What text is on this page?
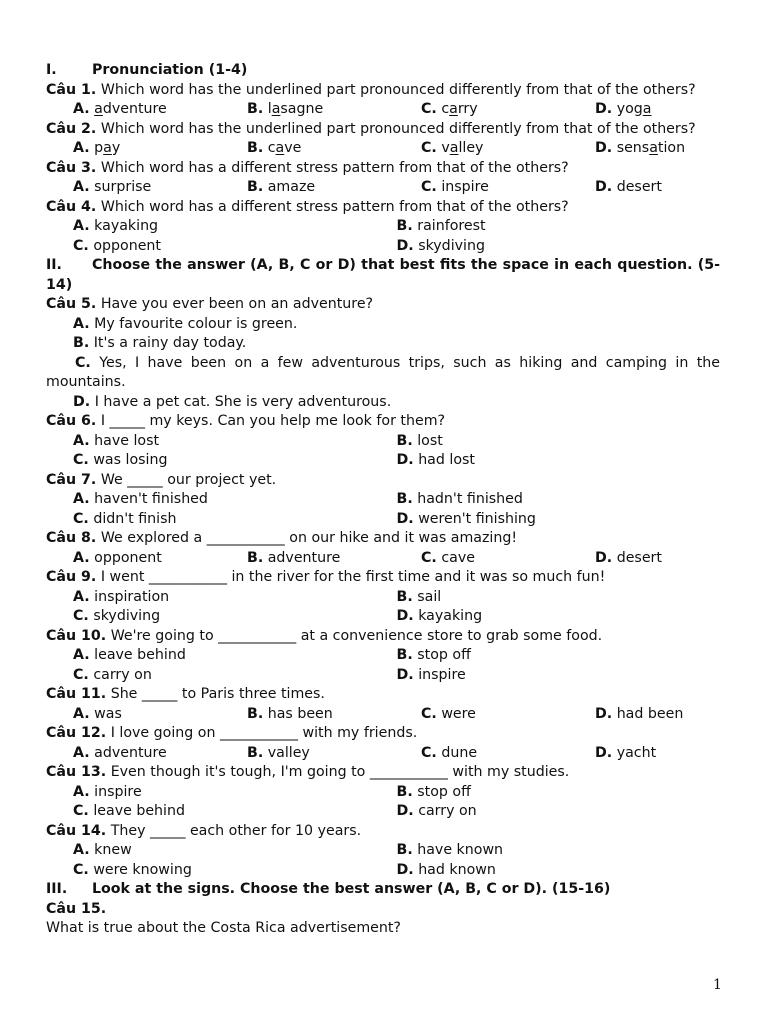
I.	Pronunciation (1-4)
Câu 1. Which word has the underlined part pronounced differently from that of the others?
A. adventure	B. lasagne	C. carry	D. yoga
Câu 2. Which word has the underlined part pronounced differently from that of the others?
A. pay	B. cave	C. valley	D. sensation
Câu 3. Which word has a different stress pattern from that of the others?
A. surprise	B. amaze	C. inspire	D. desert
Câu 4. Which word has a different stress pattern from that of the others?
A. kayaking	B. rainforest
C. opponent	D. skydiving
II.	Choose the answer (A, B, C or D) that best fits the space in each question. (5-14)
Câu 5. Have you ever been on an adventure?
A. My favourite colour is green.
B. It's a rainy day today.
C. Yes, I have been on a few adventurous trips, such as hiking and camping in the mountains.
D. I have a pet cat. She is very adventurous.
Câu 6. I _____ my keys. Can you help me look for them?
A. have lost	B. lost
C. was losing	D. had lost
Câu 7. We _____ our project yet.
A. haven't finished	B. hadn't finished
C. didn't finish	D. weren't finishing
Câu 8. We explored a ___________ on our hike and it was amazing!
A. opponent	B. adventure	C. cave	D. desert
Câu 9. I went ___________ in the river for the first time and it was so much fun!
A. inspiration	B. sail
C. skydiving	D. kayaking
Câu 10. We're going to ___________ at a convenience store to grab some food.
A. leave behind	B. stop off
C. carry on	D. inspire
Câu 11. She _____ to Paris three times.
A. was	B. has been	C. were	D. had been
Câu 12. I love going on ___________ with my friends.
A. adventure	B. valley	C. dune	D. yacht
Câu 13. Even though it's tough, I'm going to ___________ with my studies.
A. inspire	B. stop off
C. leave behind	D. carry on
Câu 14. They _____ each other for 10 years.
A. knew	B. have known
C. were knowing	D. had known
III.	Look at the signs. Choose the best answer (A, B, C or D). (15-16)
Câu 15.
What is true about the Costa Rica advertisement?
1
